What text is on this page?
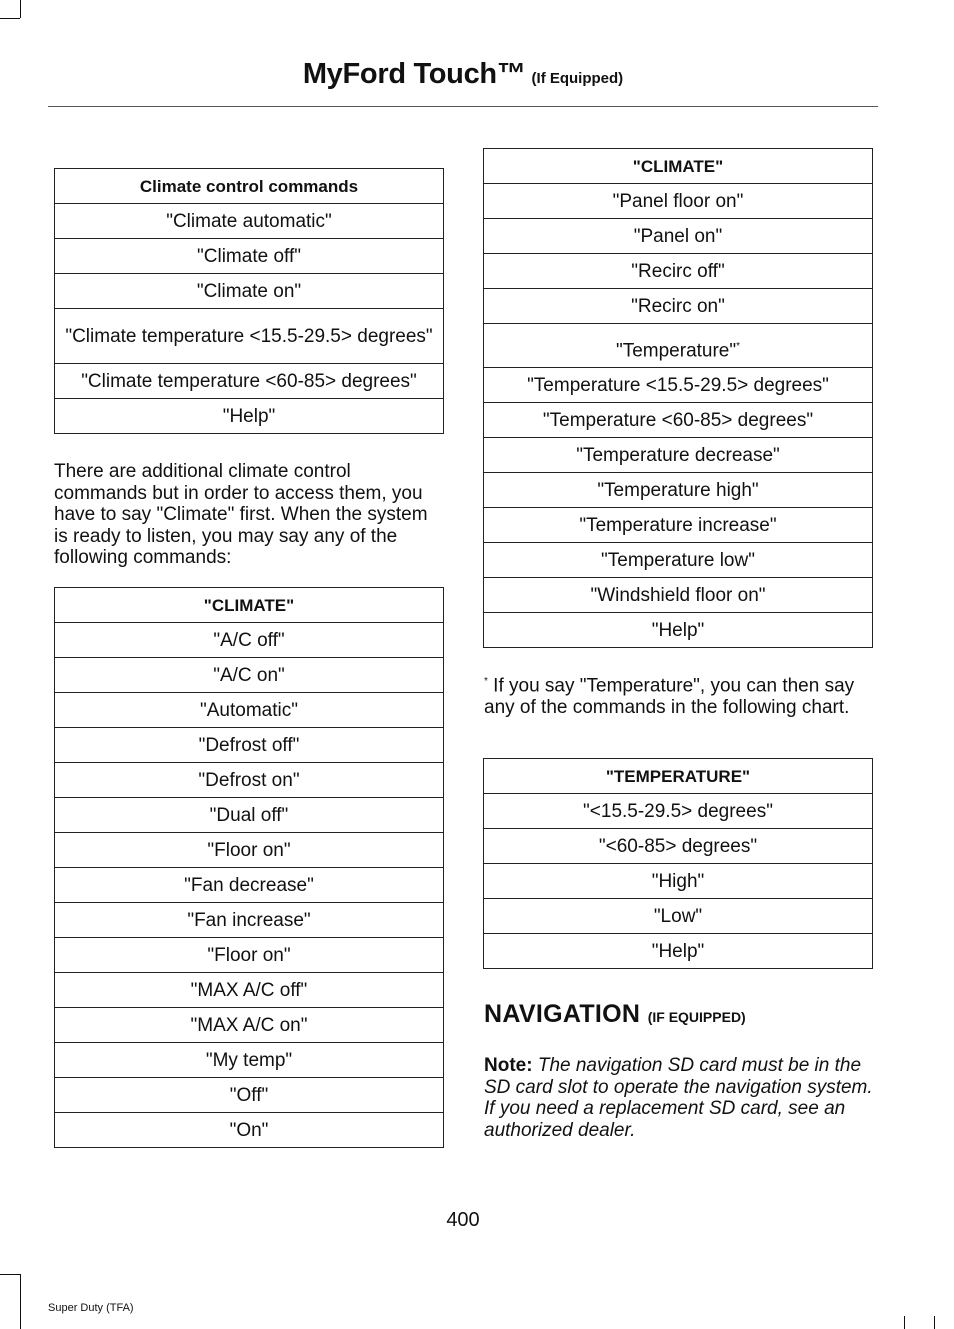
MyFord Touch™ (If Equipped)
Climate control commands
"Climate automatic"
"Climate off"
"Climate on"
"Climate temperature <15.5-29.5> degrees"
"Climate temperature <60-85> degrees"
"Help"
There are additional climate control commands but in order to access them, you have to say "Climate" first. When the system is ready to listen, you may say any of the following commands:
"CLIMATE"
"A/C off"
"A/C on"
"Automatic"
"Defrost off"
"Defrost on"
"Dual off"
"Floor on"
"Fan decrease"
"Fan increase"
"Floor on"
"MAX A/C off"
"MAX A/C on"
"My temp"
"Off"
"On"
"CLIMATE"
"Panel floor on"
"Panel on"
"Recirc off"
"Recirc on"
"Temperature"*
"Temperature <15.5-29.5> degrees"
"Temperature <60-85> degrees"
"Temperature decrease"
"Temperature high"
"Temperature increase"
"Temperature low"
"Windshield floor on"
"Help"
* If you say "Temperature", you can then say any of the commands in the following chart.
"TEMPERATURE"
"<15.5-29.5> degrees"
"<60-85> degrees"
"High"
"Low"
"Help"
NAVIGATION (IF EQUIPPED)
Note: The navigation SD card must be in the SD card slot to operate the navigation system. If you need a replacement SD card, see an authorized dealer.
400
Super Duty (TFA)
